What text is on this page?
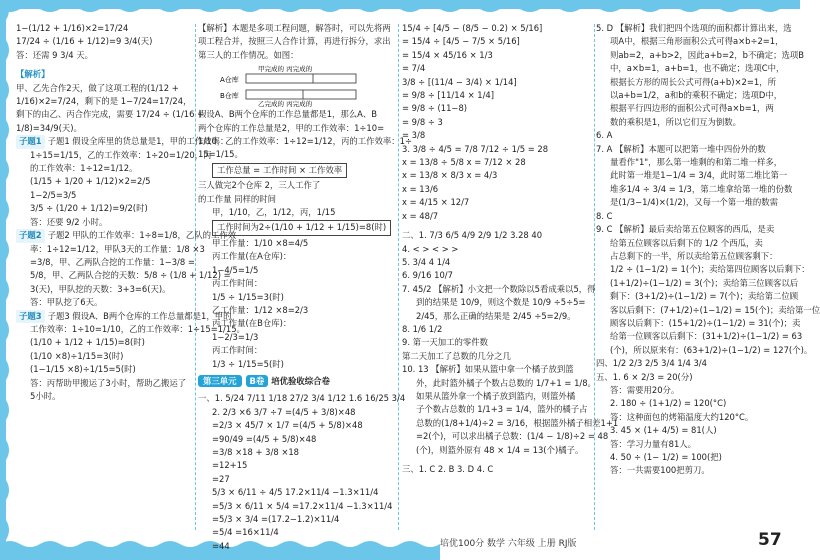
1−(1/12 + 1/16)×2=17/24
17/24 ÷ (1/16 + 1/12)=9 3/4(天)
答：还需 9 3/4 天。
【解析】
甲、乙先合作2天，做了这项工程的(1/12 +
1/16)×2=7/24，剩下的是 1−7/24=17/24，
剩下的由乙、丙合作完成，需要 17/24 ÷ (1/16 +
1/8)=34/9(天)。
子题1 子题1 假设全库里的货总量是1，甲的工作效率：
1÷15=1/15，乙的工作效率：1÷20=1/20，丙
的工作效率：1÷12=1/12。
(1/15 + 1/20 + 1/12)×2=2/5
1−2/5=3/5
3/5 ÷ (1/20 + 1/12)=9/2(时)
答：还要 9/2 小时。
子题2 子题2 甲队的工作效率：1÷8=1/8，乙队的工作效
率：1÷12=1/12，甲队3天的工作量：1/8 ×3
=3/8，甲、乙两队合挖的工作量：1−3/8 =
5/8，甲、乙两队合挖的天数：5/8 ÷ (1/8 + 1/12) =
3(天)，甲队挖的天数：3+3=6(天)。
答：甲队挖了6天。
子题3 子题3 假设A、B两个仓库的工作总量都是1，甲的
工作效率：1÷10=1/10，乙的工作效率：1÷15=1/15。
(1/10 + 1/12 + 1/15)=8(时)
(1/10 ×8)÷1/15=3(时)
(1−1/15 ×8)÷1/15=5(时)
答：丙帮助甲搬运了3小时，帮助乙搬运了
5小时。
【解析】本题是多项工程问题，解答时，可以先将两
项工程合并，按照三人合作计算，再进行拆分，求出
第三人的工作情况。如图：
A仓库
B仓库
甲完成的 丙完成的
乙完成的 丙完成的
假设A、B两个仓库的工作总量都是1，那么A、B
两个仓库的工作总量是2，甲的工作效率：1÷10=
1/10，乙的工作效率：1÷12=1/12，丙的工作效率：1÷
15=1/15。
工作总量 = 工作时间 × 工作效率
三人做完2个仓库 2，三人工作了
的工作量 同样的时间
甲，1/10，乙，1/12，丙，1/15
工作时间为2÷(1/10 + 1/12 + 1/15)=8(时)
甲工作量：1/10 ×8=4/5
丙工作量(在A仓库)：
1−4/5=1/5
丙工作时间：
1/5 ÷ 1/15=3(时)
乙工作量：1/12 ×8=2/3
丙工作量(在B仓库)：
1−2/3=1/3
丙工作时间：
1/3 ÷ 1/15=5(时)
第三单元 B卷 培优验收综合卷
一、1. 5/24 7/11 1/18 27/2 3/4 1/12 1.6 16/25 3/4
2. 2/3 ×6 3/7 ÷7 =(4/5 + 3/8)×48
=2/3 × 45/7 × 1/7 =(4/5 + 5/8)×48
=90/49 =(4/5 + 5/8)×48
=3/8 ×18 + 3/8 ×18
=12+15
=27
5/3 × 6/11 ÷ 4/5 17.2×11/4 −1.3×11/4
=5/3 × 6/11 × 5/4 =17.2×11/4 −1.3×11/4
=5/3 × 3/4 =(17.2−1.2)×11/4
=5/4 =16×11/4
=44
15/4 ÷ [4/5 − (8/5 − 0.2) × 5/16]
= 15/4 ÷ [4/5 − 7/5 × 5/16]
= 15/4 × 45/16 × 1/3
= 7/4
3/8 ÷ [(11/4 − 3/4) × 1/14]
= 9/8 ÷ [11/14 × 1/4]
= 9/8 ÷ (11−8)
= 9/8 ÷ 3
= 3/8
3. 3/8 ÷ 4/5 = 7/8 7/12 ÷ 1/5 = 28
x = 13/8 ÷ 5/8 x = 7/12 × 28
x = 13/8 × 8/3 x = 4/3
x = 13/6
x = 4/15 × 12/7
x = 48/7
二、1. 7/3 6/5 4/9 2/9 1/2 3.28 40
4. < > < > >
5. 3/4 4 1/4
6. 9/16 10/7
7. 45/2 【解析】小文把一个数除以5看成乘以5，得
到的结果是 10/9，则这个数是 10/9 ÷5÷5=
2/45，那么正确的结果是 2/45 ÷5=2/9。
8. 1/6 1/2
9. 第一天加工的零件数
第二天加工了总数的几分之几
10. 13 【解析】如果从篮中拿一个橘子放到篮
外，此时篮外橘子个数占总数的 1/7+1 = 1/8。
如果从篮外拿一个橘子放到篮内，则篮外橘
子个数占总数的 1/1+3 = 1/4，篮外的橘子占
总数的(1/8+1/4)÷2 = 3/16，根据篮外橘子相差1+1
=2(个)，可以求出橘子总数：(1/4 − 1/8)÷2 = 48
(个)，则篮外原有 48 × 1/4 = 13(个)橘子。
三、1. C 2. B 3. D 4. C
5. D 【解析】我们把四个选项的面积都计算出来，选
项A中，根据三角形面积公式可得a×b÷2=1，
则ab=2，a+b>2，因此a+b=2，b不确定；选项B
中，a×b=1，a+b=1，也不确定；选项C中，
根据长方形的周长公式可得(a+b)×2=1，所
以a+b=1/2，a和b的乘积不确定；选项D中，
根据平行四边形的面积公式可得a×b=1，两
数的乘积是1，所以它们互为倒数。
6. A
7. A 【解析】本题可以把第一堆中四份外的数
量看作"1"，那么第一堆剩的和第二堆一样多，
此时第一堆是1−1/4 = 3/4，此时第二堆比第一
堆多1/4 ÷ 3/4 = 1/3，第二堆拿给第一堆的份数
是(1/3−1/4)×(1/2)，又每一个第一堆的数需
8. C
9. C 【解析】最后卖给第五位顾客的西瓜，是卖
给第五位顾客以后剩下的 1/2 个西瓜，卖
占总剩下的一半，所以卖给第五位顾客剩下：
1/2 ÷ (1−1/2) = 1(个)；卖给第四位顾客以后剩下：
(1+1/2)÷(1−1/2) = 3(个)；卖给第三位顾客以后
剩下：(3+1/2)÷(1−1/2) = 7(个)；卖给第二位顾
客以后剩下：(7+1/2)÷(1−1/2) = 15(个)；卖给第一位
顾客以后剩下：(15+1/2)÷(1−1/2) = 31(个)；卖
给第一位顾客以后剩下：(31+1/2)÷(1−1/2) = 63
(个)，所以原来有：(63+1/2)÷(1−1/2) = 127(个)。
四、1/2 2/3 2/5 3/4 1/4 3/4
五、1. 6 × 2/3 = 20(分)
答：需要用20分。
2. 180 ÷ (1+1/2) = 120(°C)
答：这种面包的烤箱温度大约120°C。
3. 45 × (1+ 4/5) = 81(人)
答：学习力量有81人。
4. 50 ÷ (1− 1/2) = 100(把)
答：一共需要100把剪刀。
培优100分 数学 六年级 上册 RJ版	57
